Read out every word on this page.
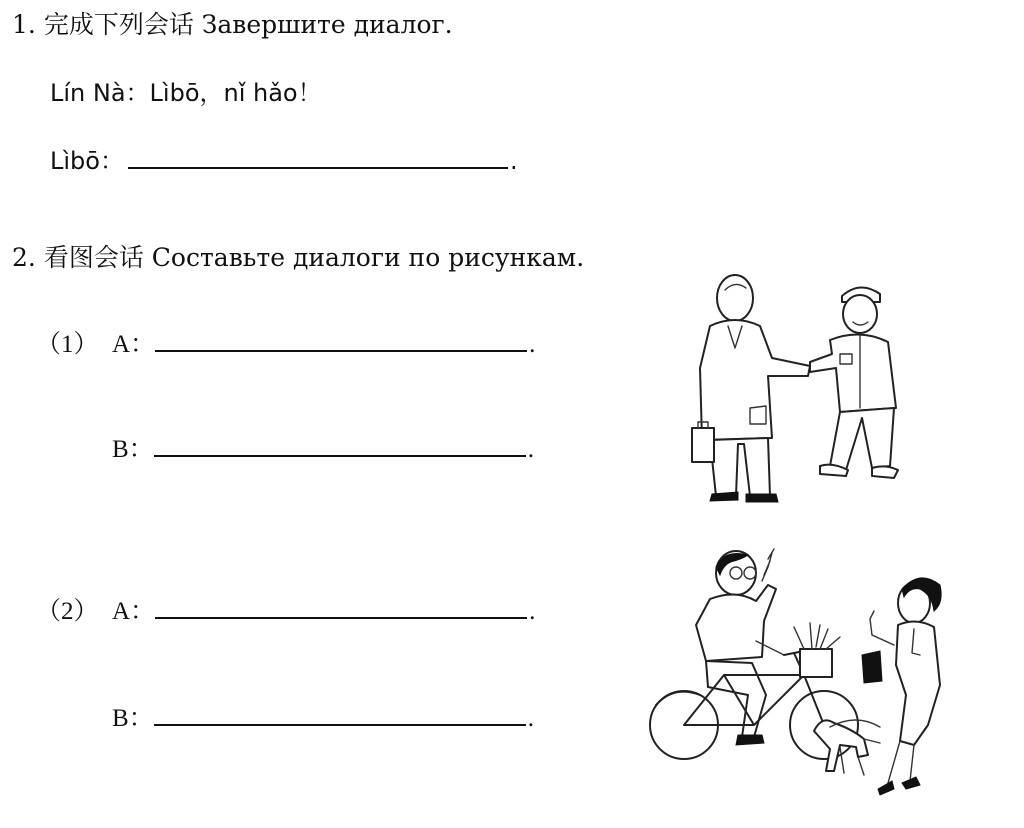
1. 完成下列会话 Завершите диалог.
Lín Nà：Lìbō，nǐ hǎo！
Lìbō：	.
2. 看图会话 Составьте диалоги по рисункам.
（1） A：	.
B：	.
（2） A：	.
B：	.
